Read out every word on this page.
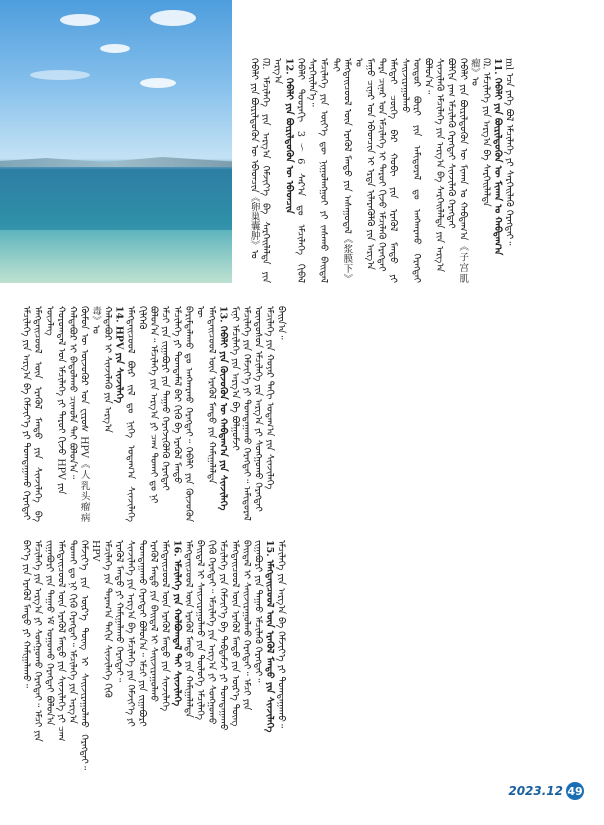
ᠬᠡᠪᠡᠯᠢ ᠶᠢᠨ ᠪᠦᠷᠢᠯᠳᠦᠬᠦᠨ ᠦ ᠡᠪᠡᠳᠴᠢᠨ《卵巢囊肿》ᠤ ᠓. ᠡᠮᠴᠢᠯᠡᠭᠡ ᠶᠢᠨ ᠠᠷᠭ᠎ᠠ ᠬᠡᠮᠵᠢᠶ᠎ᠡ ᠪᠠ ᠰᠡᠷᠭᠡᠢᠯᠡᠯᠲᠡ ᠶᠢᠨ ᠠᠷᠭ᠎ᠠ 12. ᠬᠡᠪᠡᠯᠢ ᠶᠢᠨ ᠪᠦᠷᠢᠯᠳᠦᠬᠦᠨ ᠦ ᠡᠪᠡᠳᠴᠢᠨ ᠬᠡᠪᠡᠯᠢ ᠳᠣᠣᠷᠠᠬᠢ 3～6 ᠰᠠᠷ᠎ᠠ ᠳᠤ ᠡᠮᠴᠢᠯᠡᠭᠡ ᠬᠢᠪᠡᠯ ᠰᠡᠷᠭᠡᠢᠯᠡᠨ᠎ᠡ᠃ ᠡᠮᠴᠢᠯᠡᠭᠡ ᠶᠢᠨ ᠦᠶ᠎ᠡ ᠳᠦ ᠨᠢᠭᠤᠯᠠᠩᠭᠤᠢ ᠶᠢ ᠵᠠᠰᠠᠬᠤ ᠪᠠᠢᠳᠠᠯ ᠲᠠᠢ ᠡᠮᠡᠭᠲᠡᠢᠴᠦᠦᠯ ᠦᠨ ᠡᠷᠡᠭᠦᠯ ᠮᠡᠨᠳᠦ ᠶᠢᠨ ᠠᠰᠠᠭᠤᠳᠠᠯ《浆膜下》ᠤ ᠮᠠᠭᠤ ᠴᠢᠨᠠᠷ ᠤᠨ ᠡᠪᠡᠳᠴᠢᠨ ᠢ ᠡᠷᠲᠡ ᠢᠯᠡᠷᠡᠭᠦᠯᠬᠦ ᠶᠢᠨ ᠠᠷᠭ᠎ᠠ ᠲᠡᠷᠡ ᠴᠢᠨᠠᠷ ᠤᠨ ᠡᠮᠴᠢᠯᠡᠭᠡ ᠢ ᠳᠠᠷᠤᠢ ᠬᠢᠵᠦ ᠡᠮᠴᠢᠯᠡᠬᠦ ᠬᠡᠷᠡᠭᠲᠡᠢ ᠡᠮᠡᠭᠲᠡᠢ ᠴᠦᠭᠡ ᠪᠡᠷ ᠬᠤᠪᠢ ᠶᠢᠨ ᠡᠷᠡᠭᠦᠯ ᠮᠡᠨᠳᠦ ᠶᠢ ᠰᠠᠢᠵᠢᠷᠠᠭᠤᠯᠬᠤ ᠥᠳᠥᠷ ᠪᠦᠷᠢ ᠶᠢᠨ ᠠᠮᠢᠳᠤᠷᠠᠯ ᠳᠤ ᠠᠩᠬᠠᠷᠬᠤ ᠬᠡᠷᠡᠭᠲᠡᠢ ᠪᠣᠯᠤᠨ᠎ᠠ᠃ ᠰᠢᠨᠵᠢᠯᠡᠬᠦ ᠡᠮᠴᠢᠯᠡᠭᠡ ᠶᠢᠨ ᠠᠷᠭ᠎ᠠ ᠪᠠ ᠰᠡᠷᠭᠡᠢᠯᠡᠯᠲᠡ ᠶᠢᠨ ᠠᠷᠭ᠎ᠠ ᠪᠣᠯᠬᠢᠨ ᠶᠠᠭ ᠡᠮᠴᠢᠯᠡᠬᠦ ᠬᠡᠷᠡᠭᠲᠡᠢ ᠰᠢᠨᠵᠢᠯᠡᠬᠦ ᠬᠡᠷᠡᠭᠲᠡᠢ ᠬᠡᠪᠡᠯᠢ ᠶᠢᠨ ᠪᠦᠷᠢᠯᠳᠦᠬᠦᠨ ᠦ ᠮᠢᠬᠠᠨ ᠤ ᠬᠠᠪᠳᠠᠭ᠎ᠠ《子宫肌瘤》ᠤ ᠓. ᠡᠮᠴᠢᠯᠡᠭᠡ ᠶᠢᠨ ᠠᠷᠭ᠎ᠠ ᠪᠠ ᠰᠡᠷᠭᠡᠢᠯᠡᠯᠲᠡ 11. ᠬᠡᠪᠡᠯᠢ ᠶᠢᠨ ᠪᠦᠷᠢᠯᠳᠦᠬᠦᠨ ᠦ ᠮᠢᠬᠠᠨ ᠤ ᠬᠠᠪᠳᠠᠭ᠎ᠠ ml ᠡᠴᠡ ᠶᠡᠬᠡ ᠪᠣᠯ ᠡᠮᠴᠢᠯᠡᠭᠡ ᠶᠢ ᠰᠡᠷᠭᠡᠢᠯᠡᠬᠦ ᠬᠡᠷᠡᠭᠲᠡᠢ᠃

ᠡᠮᠴᠢᠯᠡᠭᠡ ᠶᠢᠨ ᠠᠷᠭ᠎ᠠ ᠪᠠ ᠬᠡᠮᠵᠢᠶ᠎ᠡ ᠶᠢ ᠲᠣᠭᠲᠠᠭᠠᠬᠤ ᠬᠡᠷᠡᠭᠲᠡᠢ ᠡᠮᠡᠭᠲᠡᠢᠴᠦᠦᠯ ᠦᠨ ᠡᠷᠡᠭᠦᠯ ᠮᠡᠨᠳᠦ ᠶᠢᠨ ᠰᠢᠨᠵᠢᠯᠡᠭᠡ ᠪᠠ ᠦᠵᠯᠡᠭ ᠬᠣᠷᠣᠭᠳᠠᠯ ᠤᠨ ᠡᠮᠴᠢᠯᠡᠭᠡ ᠶᠢ ᠳᠠᠷᠤᠢ ᠬᠢᠵᠦ HPV ᠶᠢᠨ ᠬᠠᠯᠳᠠᠪᠤᠷ ᠢ ᠪᠠᠲᠤᠯᠠᠬᠤ ᠴᠢᠬᠤᠯᠠ ᠲᠠᠢ ᠪᠣᠯᠤᠨ᠎ᠠ᠃ ᠬᠦᠮᠦᠨ ᠦ ᠦᠵᠦᠭᠦᠷ ᠤᠨ ᠸᠢᠷᠦᠰ HPV《人乳头瘤病毒》ᠤ ᠬᠠᠯᠳᠠᠪᠤᠷ ᠢ ᠰᠢᠨᠵᠢᠯᠡᠬᠦ ᠶᠢᠨ ᠠᠷᠭ᠎ᠠ 14. HPV ᠶᠢᠨ ᠰᠢᠨᠵᠢᠯᠡᠭᠡ ᠡᠮᠡᠭᠲᠡᠢᠴᠦᠦᠯ ᠪᠦᠷ ᠵᠢᠯ ᠳᠤ ᠨᠢᠭᠡ ᠤᠳᠠᠭ᠎ᠠ ᠰᠢᠨᠵᠢᠯᠡᠭᠡ ᠬᠢᠯᠭᠡᠬᠦ ᠪᠣᠯᠤᠨ᠎ᠠ᠃ ᠡᠮᠴᠢᠯᠡᠭᠡ ᠶᠢᠨ ᠠᠷᠭ᠎ᠠ ᠶᠢ ᠴᠠᠭ ᠲᠤᠬᠠᠢ ᠳᠤ ᠨᠢ ᠡᠮᠴᠢ ᠶᠢᠨ ᠵᠢᠭᠠᠪᠤᠷᠢ ᠶᠢᠨ ᠳᠠᠭᠠᠤ ᠬᠡᠷᠡᠭᠵᠢᠭᠦᠯᠬᠦ ᠬᠡᠷᠡᠭᠲᠡᠢ ᠡᠮᠴᠢᠯᠡᠭᠡ ᠶᠢ ᠲᠣᠭᠲᠠᠮᠠᠯ ᠪᠡᠷ ᠬᠢᠬᠦ ᠪᠠ ᠡᠷᠡᠭᠦᠯ ᠮᠡᠨᠳᠦ ᠪᠠᠷᠢᠮᠲᠠᠯᠠᠬᠤ ᠳᠤ ᠠᠩᠬᠠᠷᠬᠤ ᠬᠡᠷᠡᠭᠲᠡᠢ᠃ ᠬᠡᠪᠡᠯᠢ ᠶᠢᠨ ᠬᠦᠵᠦᠭᠦᠨ ᠦ ᠡᠮᠡᠭᠲᠡᠢᠴᠦᠦᠯ ᠦᠨ ᠡᠷᠡᠭᠦᠯ ᠮᠡᠨᠳᠦ ᠶᠢᠨ ᠬᠠᠮᠢᠭᠠᠯᠠᠯᠲᠠ 13. ᠬᠡᠪᠡᠯᠢ ᠶᠢᠨ ᠬᠦᠵᠦᠭᠦᠨ ᠦ ᠬᠠᠪᠳᠠᠭ᠎ᠠ ᠶᠢᠨ ᠰᠢᠨᠵᠢᠯᠡᠭᠡ ᠮᠢᠨᠢ ᠡᠮᠴᠢᠯᠡᠭᠡ ᠶᠢᠨ ᠠᠷᠭ᠎ᠠ ᠪᠠ ᠪᠣᠯᠭᠣᠮᠵᠢ ᠡᠮᠴᠢᠯᠡᠭᠡ ᠶᠢᠨ ᠬᠡᠮᠵᠢᠶ᠎ᠡ ᠶᠢ ᠲᠣᠭᠲᠠᠭᠠᠬᠤ ᠬᠡᠷᠡᠭᠲᠡᠢ᠃ ᠠᠮᠢᠳᠤᠷᠠᠯ ᠦᠨᠳᠦᠰᠦᠨ ᠡᠮᠴᠢᠯᠡᠭᠡ ᠶᠢᠨ ᠠᠷᠭ᠎ᠠ ᠶᠢ ᠰᠣᠩᠭᠣᠬᠤ ᠬᠡᠷᠡᠭᠲᠡᠢ ᠡᠮᠴᠢᠯᠡᠭᠡ ᠶᠢᠨ ᠬᠣᠶᠠᠷ ᠳᠠᠬᠢ ᠤᠳᠠᠭ᠎ᠠ ᠶᠢᠨ ᠰᠢᠨᠵᠢᠯᠡᠭᠡ ᠪᠠᠢᠨ᠎ᠠ᠃

ᠪᠡᠶ᠎ᠡ ᠶᠢᠨ ᠡᠷᠡᠭᠦᠯ ᠮᠡᠨᠳᠦ ᠶᠢ ᠬᠠᠮᠢᠭᠠᠯᠠᠬᠤ᠃ ᠡᠮᠴᠢᠯᠡᠭᠡ ᠶᠢᠨ ᠠᠷᠭ᠎ᠠ ᠶᠢ ᠰᠣᠩᠭᠣᠬᠤ ᠬᠡᠷᠡᠭᠲᠡᠢ᠃ ᠡᠮᠴᠢ ᠶᠢᠨ ᠵᠢᠭᠠᠪᠤᠷᠢ ᠶᠢᠨ ᠳᠠᠭᠠᠤ ᠡᠮ ᠤᠭᠤᠬᠤ ᠬᠡᠷᠡᠭᠲᠡᠢ ᠪᠣᠯᠤᠨ᠎ᠠ ᠡᠮᠡᠭᠲᠡᠢᠴᠦᠦᠯ ᠦᠨ ᠡᠷᠡᠭᠦᠯ ᠮᠡᠨᠳᠦ ᠶᠢᠨ ᠰᠢᠨᠵᠢᠯᠡᠭᠡ ᠶᠢ ᠴᠠᠭ ᠲᠤᠬᠠᠢ ᠳᠤ ᠨᠢ ᠬᠢᠬᠦ ᠬᠡᠷᠡᠭᠲᠡᠢ᠃ ᠡᠮᠴᠢᠯᠡᠭᠡ ᠶᠢᠨ ᠠᠷᠭ᠎ᠠ ᠬᠡᠮᠵᠢᠶ᠎ᠡ ᠶᠢᠨ ᠦᠷ᠎ᠡ ᠳᠦᠩ ᠢ ᠰᠠᠢᠵᠢᠷᠠᠭᠤᠯᠬᠤ ᠬᠡᠷᠡᠭᠲᠡᠢ᠃ HPV ᠡᠮᠴᠢᠯᠡᠭᠡ ᠶᠢᠨ ᠳᠠᠷᠠᠭ᠎ᠠ ᠳᠠᠬᠢᠨ ᠰᠢᠨᠵᠢᠯᠡᠭᠡ ᠬᠢᠬᠦ ᠡᠷᠡᠭᠦᠯ ᠮᠡᠨᠳᠦ ᠶᠢ ᠬᠠᠮᠢᠭᠠᠯᠠᠬᠤ ᠬᠡᠷᠡᠭᠲᠡᠢ᠃ ᠰᠢᠨᠵᠢᠯᠡᠭᠡ ᠶᠢᠨ ᠠᠷᠭ᠎ᠠ ᠪᠠ ᠡᠮᠴᠢᠯᠡᠭᠡ ᠶᠢᠨ ᠬᠡᠮᠵᠢᠶ᠎ᠡ ᠶᠢ ᠲᠣᠭᠲᠠᠭᠠᠬᠤ ᠬᠡᠷᠡᠭᠲᠡᠢ ᠪᠣᠯᠤᠨ᠎ᠠ᠃ ᠡᠮᠴᠢ ᠶᠢᠨ ᠵᠢᠭᠠᠪᠤᠷᠢ ᠡᠷᠡᠭᠦᠯ ᠮᠡᠨᠳᠦ ᠶᠢᠨ ᠪᠠᠢᠳᠠᠯ ᠢ ᠰᠠᠢᠵᠢᠷᠠᠭᠤᠯᠬᠤ ᠡᠮᠡᠭᠲᠡᠢᠴᠦᠦᠯ ᠦᠨ ᠡᠷᠡᠭᠦᠯ ᠮᠡᠨᠳᠦ ᠶᠢᠨ ᠰᠢᠨᠵᠢᠯᠡᠭᠡ 16. ᠡᠮᠴᠢᠯᠡᠭᠡ ᠶᠢᠨ ᠬᠣᠯᠪᠣᠭᠳᠠᠯ ᠲᠠᠢ ᠰᠢᠨᠵᠢᠯᠡᠭᠡ ᠡᠮᠡᠭᠲᠡᠢᠴᠦᠦᠯ ᠦᠨ ᠡᠷᠡᠭᠦᠯ ᠮᠡᠨᠳᠦ ᠶᠢᠨ ᠬᠠᠮᠢᠭᠠᠯᠠᠯᠲᠠ ᠪᠠᠢᠳᠠᠯ ᠢ ᠰᠠᠢᠵᠢᠷᠠᠭᠤᠯᠬᠤ ᠶᠢᠨ ᠲᠥᠯᠥᠭᠡ ᠡᠮᠴᠢᠯᠡᠭᠡ ᠬᠢᠬᠦ ᠬᠡᠷᠡᠭᠲᠡᠢ᠃ ᠡᠮᠴᠢᠯᠡᠭᠡ ᠶᠢᠨ ᠠᠷᠭ᠎ᠠ ᠶᠢ ᠰᠣᠩᠭᠣᠬᠤ ᠡᠮᠴᠢᠯᠡᠭᠡ ᠶᠢᠨ ᠬᠡᠮᠵᠢᠶ᠎ᠡ ᠪᠠ ᠳᠠᠪᠳᠠᠮᠵᠢ ᠶᠢ ᠲᠣᠭᠲᠠᠭᠠᠬᠤ ᠡᠮᠡᠭᠲᠡᠢᠴᠦᠦᠯ ᠦᠨ ᠡᠷᠡᠭᠦᠯ ᠮᠡᠨᠳᠦ ᠶᠢᠨ ᠦᠷ᠎ᠡ ᠳᠦᠩ ᠪᠠᠢᠳᠠᠯ ᠢ ᠰᠠᠢᠵᠢᠷᠠᠭᠤᠯᠬᠤ ᠬᠡᠷᠡᠭᠲᠡᠢ᠃ ᠡᠮᠴᠢ ᠶᠢᠨ ᠵᠢᠭᠠᠪᠤᠷᠢ ᠶᠢᠨ ᠳᠠᠭᠠᠤ ᠡᠮᠴᠢᠯᠡᠬᠦ ᠬᠡᠷᠡᠭᠲᠡᠢ᠃ 15. ᠡᠮᠡᠭᠲᠡᠢᠴᠦᠦᠯ ᠦᠨ ᠡᠷᠡᠭᠦᠯ ᠮᠡᠨᠳᠦ ᠶᠢᠨ ᠰᠢᠨᠵᠢᠯᠡᠭᠡ ᠡᠮᠴᠢᠯᠡᠭᠡ ᠶᠢᠨ ᠠᠷᠭ᠎ᠠ ᠪᠠ ᠬᠡᠮᠵᠢᠶ᠎ᠡ ᠶᠢ ᠲᠣᠭᠲᠠᠭᠠᠬᠤ᠃

2023.12 49
